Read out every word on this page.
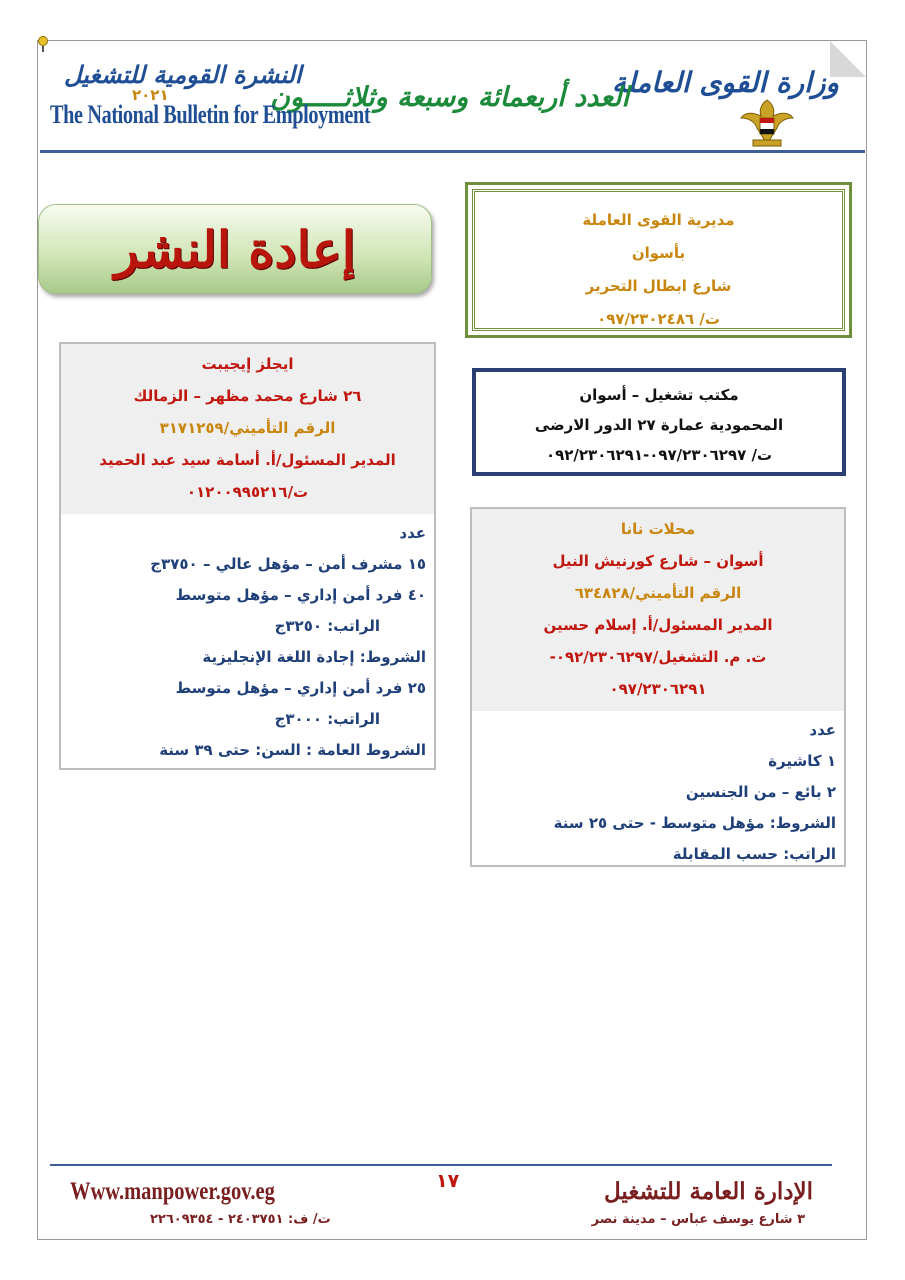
وزارة القوى العاملة
العدد أربعمائة وسبعة وثلاثـــــون
النشرة القومية للتشغيل
٢٠٢١
The National Bulletin for Employment
إعادة النشر	مديرية القوى العاملة
بأسوان
شارع ابطال التحرير
ت/ ٠٩٧/٢٣٠٢٤٨٦
مكتب تشغيل – أسوان
المحمودية عمارة ٢٧ الدور الارضى
ت/ ٠٩٧/٢٣٠٦٢٩٧-٠٩٢/٢٣٠٦٢٩١
ايجلز إيجيبت
٢٦ شارع محمد مظهر – الزمالك
الرقم التأميني/٣١٧١٢٥٩
المدير المسئول/أ. أسامة سيد عبد الحميد
ت/٠١٢٠٠٩٩٥٢١٦
عدد
١٥ مشرف أمن – مؤهل عالي – ٣٧٥٠ج
٤٠ فرد أمن إداري – مؤهل متوسط
الراتب: ٣٢٥٠ج
الشروط: إجادة اللغة الإنجليزية
٢٥ فرد أمن إداري – مؤهل متوسط
الراتب: ٣٠٠٠ج
الشروط العامة : السن: حتى ٣٩ سنة
محلات نانا
أسوان – شارع كورنيش النيل
الرقم التأميني/٦٣٤٨٢٨
المدير المسئول/أ. إسلام حسين
ت. م. التشغيل/٠٩٢/٢٣٠٦٢٩٧-
٠٩٧/٢٣٠٦٢٩١
عدد
١ كاشيرة
٢ بائع – من الجنسين
الشروط: مؤهل متوسط - حتى ٢٥ سنة
الراتب: حسب المقابلة
١٧	الإدارة العامة للتشغيل
٣ شارع يوسف عباس – مدينة نصر
Www.manpower.gov.eg
ت/ ف: ٢٤٠٣٧٥١ - ٢٢٦٠٩٣٥٤
